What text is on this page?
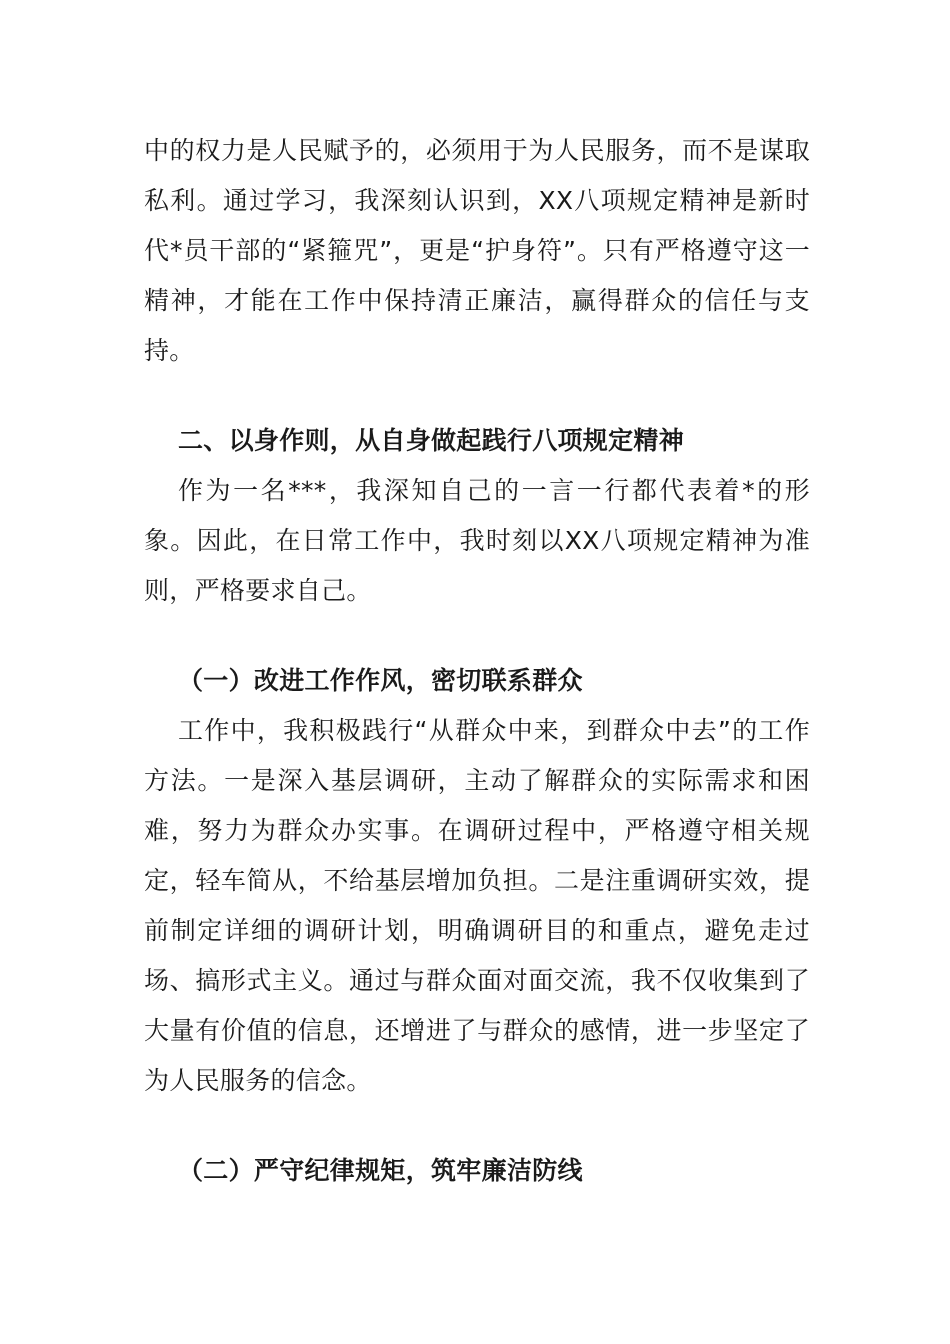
中的权力是人民赋予的，必须用于为人民服务，而不是谋取私利。通过学习，我深刻认识到，XX八项规定精神是新时代*员干部的“紧箍咒”，更是“护身符”。只有严格遵守这一精神，才能在工作中保持清正廉洁，赢得群众的信任与支持。

二、以身作则，从自身做起践行八项规定精神

作为一名***，我深知自己的一言一行都代表着*的形象。因此，在日常工作中，我时刻以XX八项规定精神为准则，严格要求自己。

（一）改进工作作风，密切联系群众

工作中，我积极践行“从群众中来，到群众中去”的工作方法。一是深入基层调研，主动了解群众的实际需求和困难，努力为群众办实事。在调研过程中，严格遵守相关规定，轻车简从，不给基层增加负担。二是注重调研实效，提前制定详细的调研计划，明确调研目的和重点，避免走过场、搞形式主义。通过与群众面对面交流，我不仅收集到了大量有价值的信息，还增进了与群众的感情，进一步坚定了为人民服务的信念。

（二）严守纪律规矩，筑牢廉洁防线
